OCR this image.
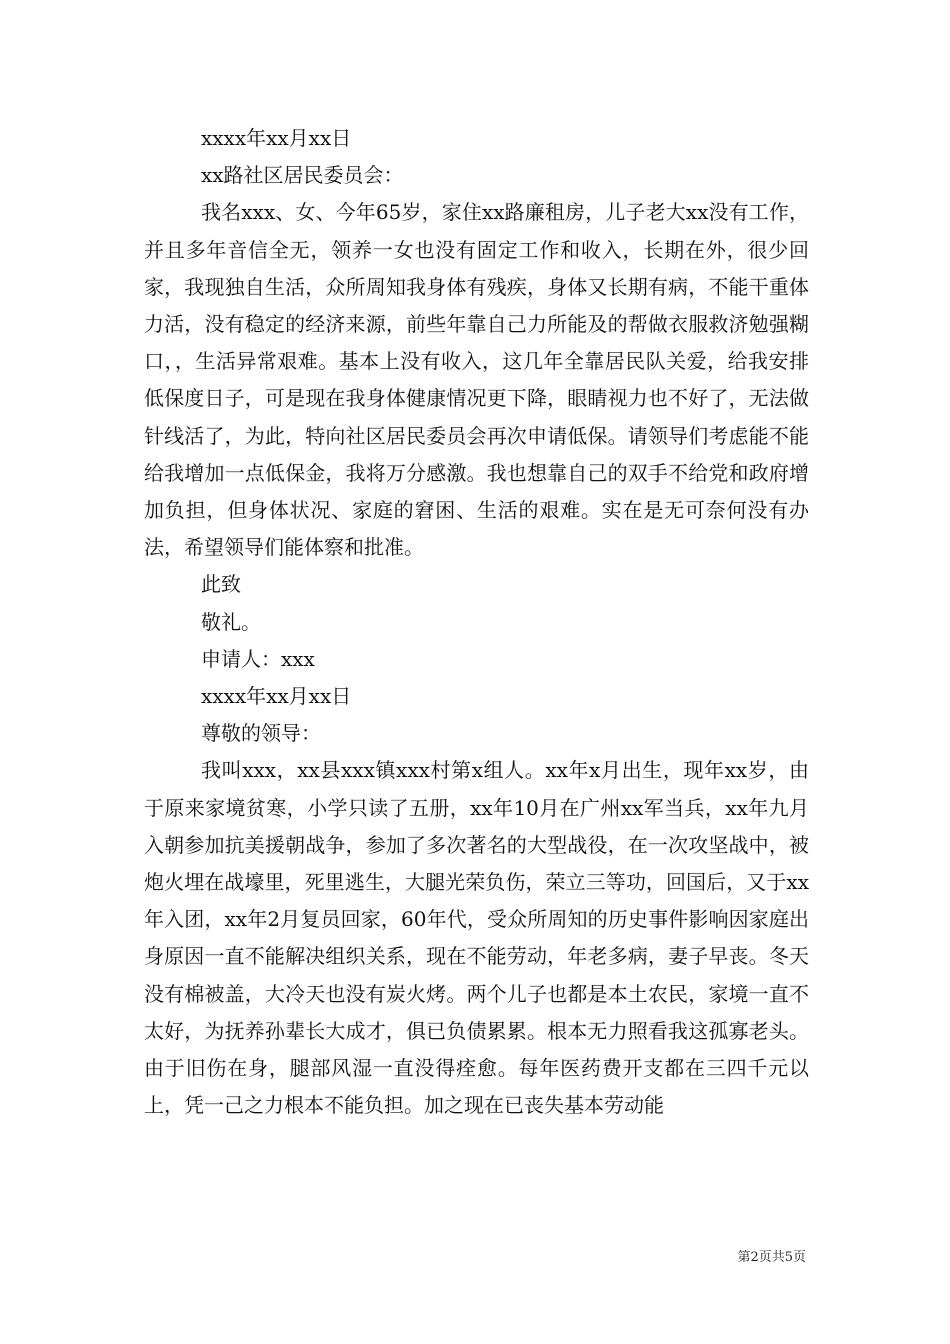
xxxx年xx月xx日
xx路社区居民委员会：

我名xxx、女、今年65岁，家住xx路廉租房，儿子老大xx没有工作，并且多年音信全无，领养一女也没有固定工作和收入，长期在外，很少回家，我现独自生活，众所周知我身体有残疾，身体又长期有病，不能干重体力活，没有稳定的经济来源，前些年靠自己力所能及的帮做衣服救济勉强糊口，，生活异常艰难。基本上没有收入，这几年全靠居民队关爱，给我安排低保度日子，可是现在我身体健康情况更下降，眼睛视力也不好了，无法做针线活了，为此，特向社区居民委员会再次申请低保。请领导们考虑能不能给我增加一点低保金，我将万分感激。我也想靠自己的双手不给党和政府增加负担，但身体状况、家庭的窘困、生活的艰难。实在是无可奈何没有办法，希望领导们能体察和批准。

此致
敬礼。
申请人：xxx
xxxx年xx月xx日
尊敬的领导：

我叫xxx，xx县xxx镇xxx村第x组人。xx年x月出生，现年xx岁，由于原来家境贫寒，小学只读了五册，xx年10月在广州xx军当兵，xx年九月入朝参加抗美援朝战争，参加了多次著名的大型战役，在一次攻坚战中，被炮火埋在战壕里，死里逃生，大腿光荣负伤，荣立三等功，回国后，又于xx年入团，xx年2月复员回家，60年代，受众所周知的历史事件影响因家庭出身原因一直不能解决组织关系，现在不能劳动，年老多病，妻子早丧。冬天没有棉被盖，大冷天也没有炭火烤。两个儿子也都是本土农民，家境一直不太好，为抚养孙辈长大成才，俱已负债累累。根本无力照看我这孤寡老头。由于旧伤在身，腿部风湿一直没得痊愈。每年医药费开支都在三四千元以上，凭一己之力根本不能负担。加之现在已丧失基本劳动能

第2页共5页
